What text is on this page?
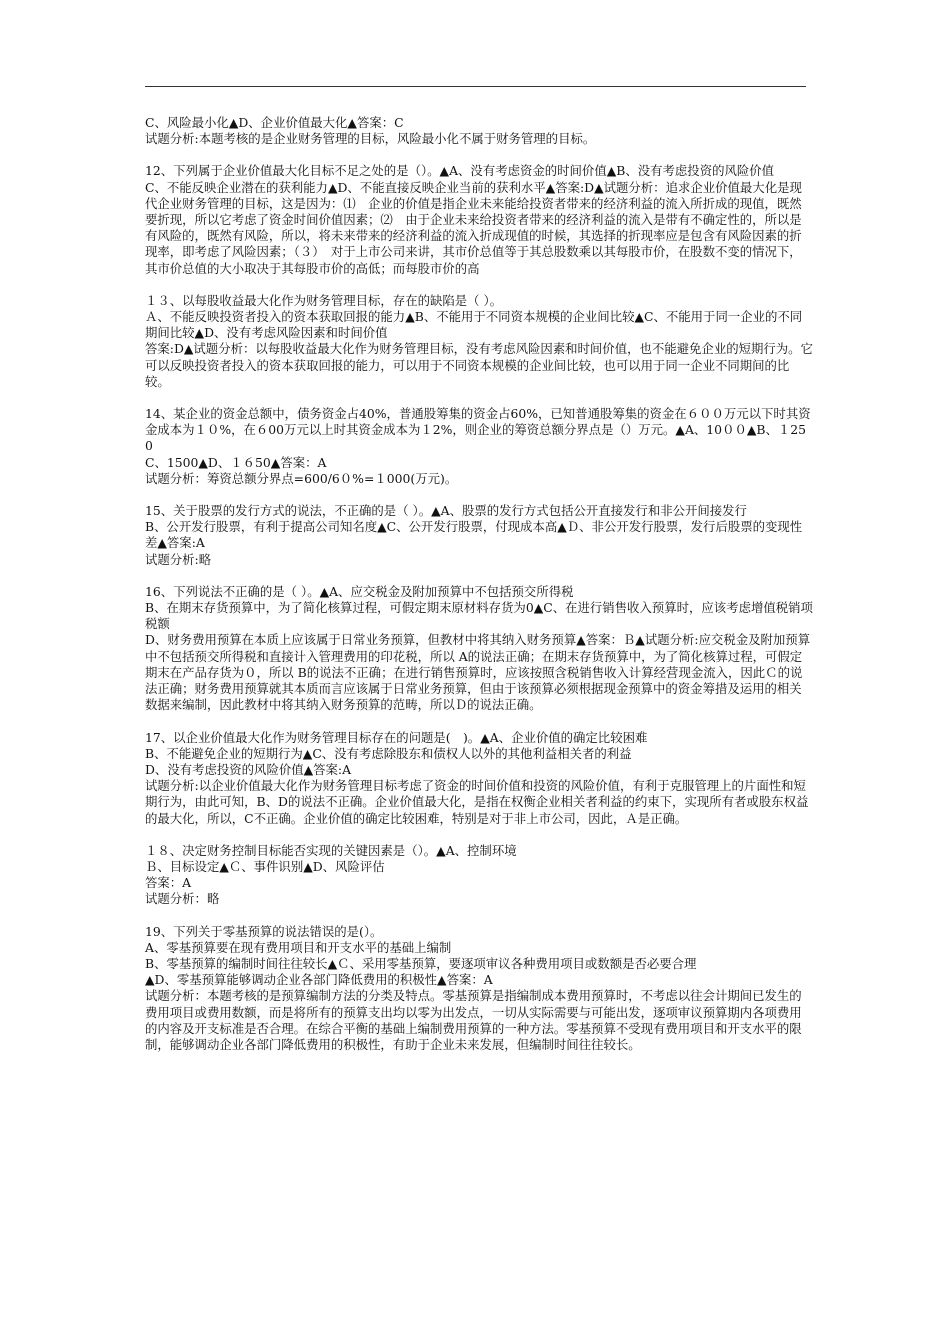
C、风险最小化▲D、企业价值最大化▲答案：C
试题分析:本题考核的是企业财务管理的目标，风险最小化不属于财务管理的目标。
12、下列属于企业价值最大化目标不足之处的是（）。▲A、没有考虑资金的时间价值▲B、没有考虑投资的风险价值
C、不能反映企业潜在的获利能力▲D、不能直接反映企业当前的获利水平▲答案:D▲试题分析：追求企业价值最大化是现代企业财务管理的目标，这是因为：⑴　企业的价值是指企业未来能给投资者带来的经济利益的流入所折成的现值，既然要折现，所以它考虑了资金时间价值因素；⑵　由于企业未来给投资者带来的经济利益的流入是带有不确定性的，所以是有风险的，既然有风险，所以，将未来带来的经济利益的流入折成现值的时候，其选择的折现率应是包含有风险因素的折现率，即考虑了风险因素；（３）　对于上市公司来讲，其市价总值等于其总股数乘以其每股市价，在股数不变的情况下，其市价总值的大小取决于其每股市价的高低；而每股市价的高
１３、以每股收益最大化作为财务管理目标，存在的缺陷是（ ）。
Ａ、不能反映投资者投入的资本获取回报的能力▲B、不能用于不同资本规模的企业间比较▲C、不能用于同一企业的不同期间比较▲D、没有考虑风险因素和时间价值
答案:D▲试题分析：以每股收益最大化作为财务管理目标，没有考虑风险因素和时间价值，也不能避免企业的短期行为。它可以反映投资者投入的资本获取回报的能力，可以用于不同资本规模的企业间比较，也可以用于同一企业不同期间的比较。
14、某企业的资金总额中，债务资金占40%，普通股筹集的资金占60%，已知普通股筹集的资金在６００万元以下时其资金成本为１０%，在６00万元以上时其资金成本为１2%，则企业的筹资总额分界点是（）万元。▲A、10００▲B、１250
C、1500▲D、１６50▲答案：A
试题分析：筹资总额分界点=600/6０%=１000(万元)。
15、关于股票的发行方式的说法，不正确的是（ ）。▲A、股票的发行方式包括公开直接发行和非公开间接发行
B、公开发行股票，有利于提高公司知名度▲C、公开发行股票，付现成本高▲Ｄ、非公开发行股票，发行后股票的变现性差▲答案:A
试题分析:略
16、下列说法不正确的是（ ）。▲A、应交税金及附加预算中不包括预交所得税
B、在期末存货预算中，为了简化核算过程，可假定期末原材料存货为0▲C、在进行销售收入预算时，应该考虑增值税销项税额
D、财务费用预算在本质上应该属于日常业务预算，但教材中将其纳入财务预算▲答案：Ｂ▲试题分析:应交税金及附加预算中不包括预交所得税和直接计入管理费用的印花税，所以 A的说法正确；在期末存货预算中，为了简化核算过程，可假定期末在产品存货为０，所以 B的说法不正确；在进行销售预算时，应该按照含税销售收入计算经营现金流入，因此Ｃ的说法正确；财务费用预算就其本质而言应该属于日常业务预算，但由于该预算必须根据现金预算中的资金筹措及运用的相关数据来编制，因此教材中将其纳入财务预算的范畴，所以Ｄ的说法正确。
17、以企业价值最大化作为财务管理目标存在的问题是(　)。▲A、企业价值的确定比较困难
B、不能避免企业的短期行为▲C、没有考虑除股东和债权人以外的其他利益相关者的利益
D、没有考虑投资的风险价值▲答案:A
试题分析:以企业价值最大化作为财务管理目标考虑了资金的时间价值和投资的风险价值，有利于克服管理上的片面性和短期行为，由此可知，B、D的说法不正确。企业价值最大化，是指在权衡企业相关者利益的约束下，实现所有者或股东权益的最大化，所以，C不正确。企业价值的确定比较困难，特别是对于非上市公司，因此，Ａ是正确。
１８、决定财务控制目标能否实现的关键因素是（）。▲A、控制环境
Ｂ、目标设定▲Ｃ、事件识别▲D、风险评估
答案：A
试题分析：略
19、下列关于零基预算的说法错误的是(）。
A、零基预算要在现有费用项目和开支水平的基础上编制
B、零基预算的编制时间往往较长▲Ｃ、采用零基预算，要逐项审议各种费用项目或数额是否必要合理
▲D、零基预算能够调动企业各部门降低费用的积极性▲答案：A
试题分析：本题考核的是预算编制方法的分类及特点。零基预算是指编制成本费用预算时，不考虑以往会计期间已发生的费用项目或费用数额，而是将所有的预算支出均以零为出发点，一切从实际需要与可能出发，逐项审议预算期内各项费用的内容及开支标准是否合理。在综合平衡的基础上编制费用预算的一种方法。零基预算不受现有费用项目和开支水平的限制，能够调动企业各部门降低费用的积极性，有助于企业未来发展，但编制时间往往较长。
